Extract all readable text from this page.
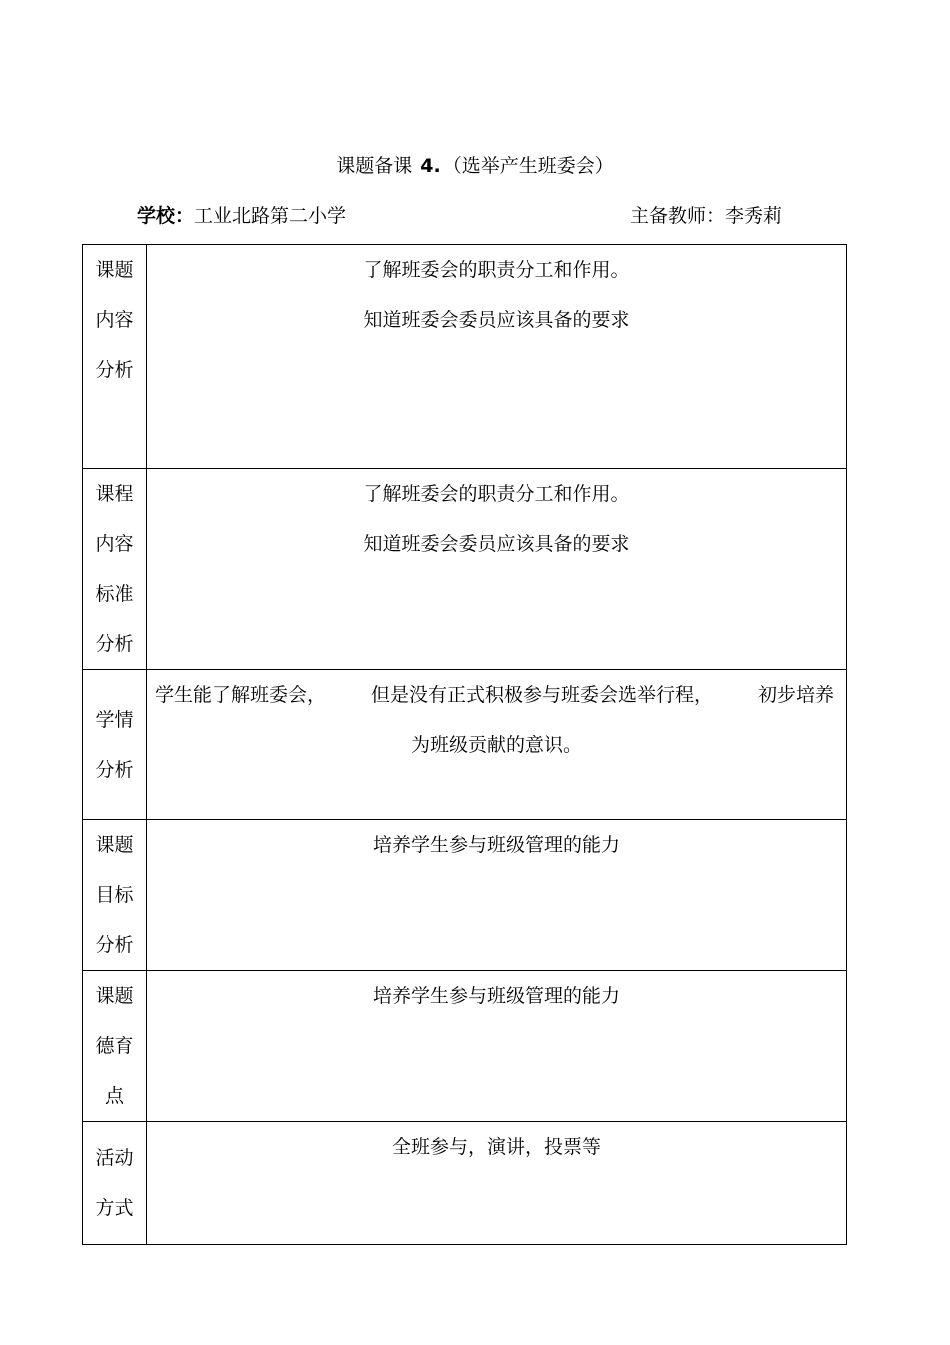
课题备课 4. （选举产生班委会）
学校：工业北路第二小学	主备教师：李秀莉
课题
内容
分析	了解班委会的职责分工和作用。
知道班委会委员应该具备的要求

课程
内容
标准
分析	了解班委会的职责分工和作用。
知道班委会委员应该具备的要求

学情
分析	学生能了解班委会， 但是没有正式积极参与班委会选举行程， 初步培养
为班级贡献的意识。

课题
目标
分析	培养学生参与班级管理的能力

课题
德育
点	培养学生参与班级管理的能力

活动
方式	全班参与，演讲，投票等
